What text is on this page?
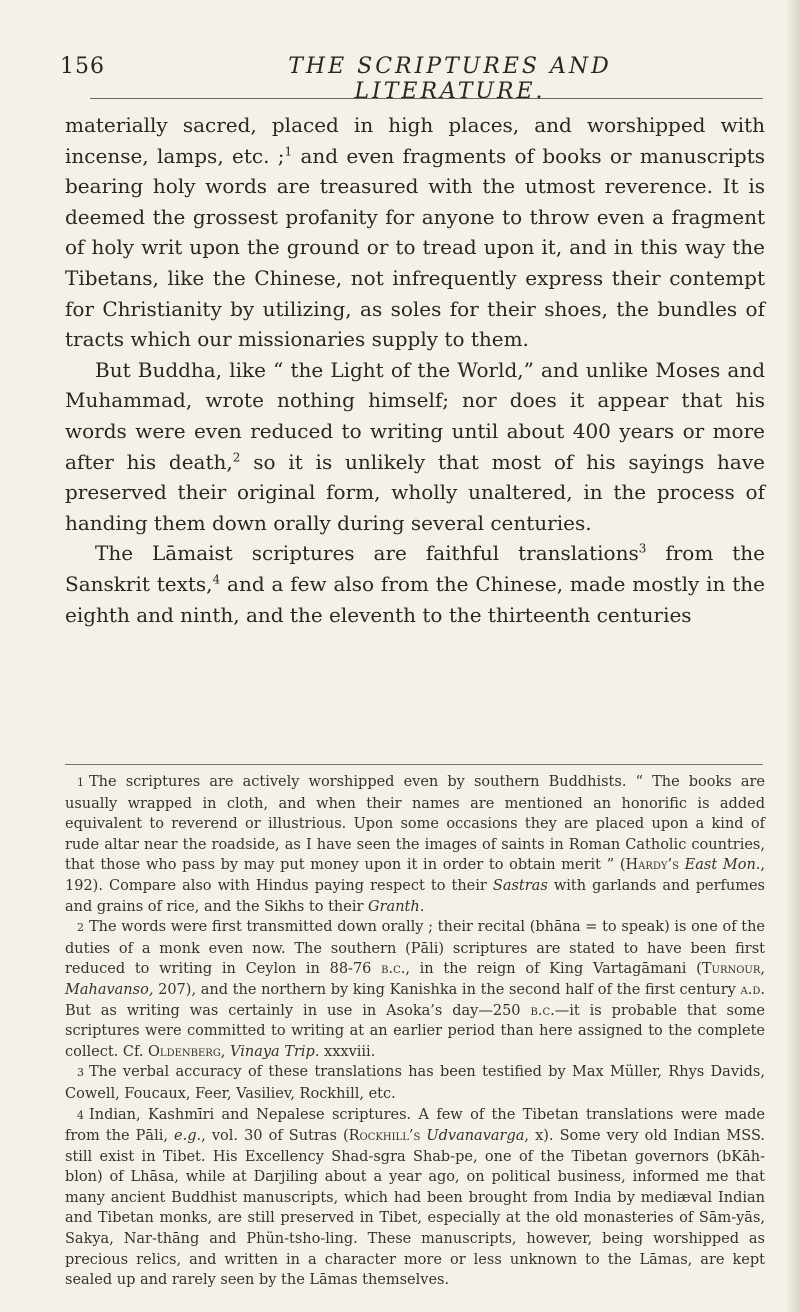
156	THE SCRIPTURES AND LITERATURE.

materially sacred, placed in high places, and worshipped with incense, lamps, etc. ;$^1$ and even fragments of books or manuscripts bearing holy words are treasured with the utmost reverence. It is deemed the grossest profanity for anyone to throw even a fragment of holy writ upon the ground or to tread upon it, and in this way the Tibetans, like the Chinese, not infrequently express their contempt for Christianity by utilizing, as soles for their shoes, the bundles of tracts which our missionaries supply to them.

But Buddha, like “ the Light of the World,” and unlike Moses and Muhammad, wrote nothing himself; nor does it appear that his words were even reduced to writing until about 400 years or more after his death,$^2$ so it is unlikely that most of his sayings have preserved their original form, wholly unaltered, in the process of handing them down orally during several centuries.

The Lāmaist scriptures are faithful translations$^3$ from the Sanskrit texts,$^4$ and a few also from the Chinese, made mostly in the eighth and ninth, and the eleventh to the thirteenth centuries

1 The scriptures are actively worshipped even by southern Buddhists. “ The books are usually wrapped in cloth, and when their names are mentioned an honorific is added equivalent to reverend or illustrious. Upon some occasions they are placed upon a kind of rude altar near the roadside, as I have seen the images of saints in Roman Catholic countries, that those who pass by may put money upon it in order to obtain merit ” (Hardy’s East Mon., 192). Compare also with Hindus paying respect to their Sastras with garlands and perfumes and grains of rice, and the Sikhs to their Granth.

2 The words were first transmitted down orally ; their recital (bhāna = to speak) is one of the duties of a monk even now. The southern (Pāli) scriptures are stated to have been first reduced to writing in Ceylon in 88-76 b.c., in the reign of King Vartagāmani (Turnour, Mahavanso, 207), and the northern by king Kanishka in the second half of the first century a.d. But as writing was certainly in use in Asoka’s day—250 b.c.—it is probable that some scriptures were committed to writing at an earlier period than here assigned to the complete collect. Cf. Oldenberg, Vinaya Trip. xxxviii.

3 The verbal accuracy of these translations has been testified by Max Müller, Rhys Davids, Cowell, Foucaux, Feer, Vasiliev, Rockhill, etc.

4 Indian, Kashmīri and Nepalese scriptures. A few of the Tibetan translations were made from the Pāli, e.g., vol. 30 of Sutras (Rockhill’s Udvanavarga, x). Some very old Indian MSS. still exist in Tibet. His Excellency Shad-sgra Shab-pe, one of the Tibetan governors (bKāh-blon) of Lhāsa, while at Darjiling about a year ago, on political business, informed me that many ancient Buddhist manuscripts, which had been brought from India by mediæval Indian and Tibetan monks, are still preserved in Tibet, especially at the old monasteries of Sām-yās, Sakya, Nar-thāng and Phün-tsho-ling. These manuscripts, however, being worshipped as precious relics, and written in a character more or less unknown to the Lāmas, are kept sealed up and rarely seen by the Lāmas themselves.
